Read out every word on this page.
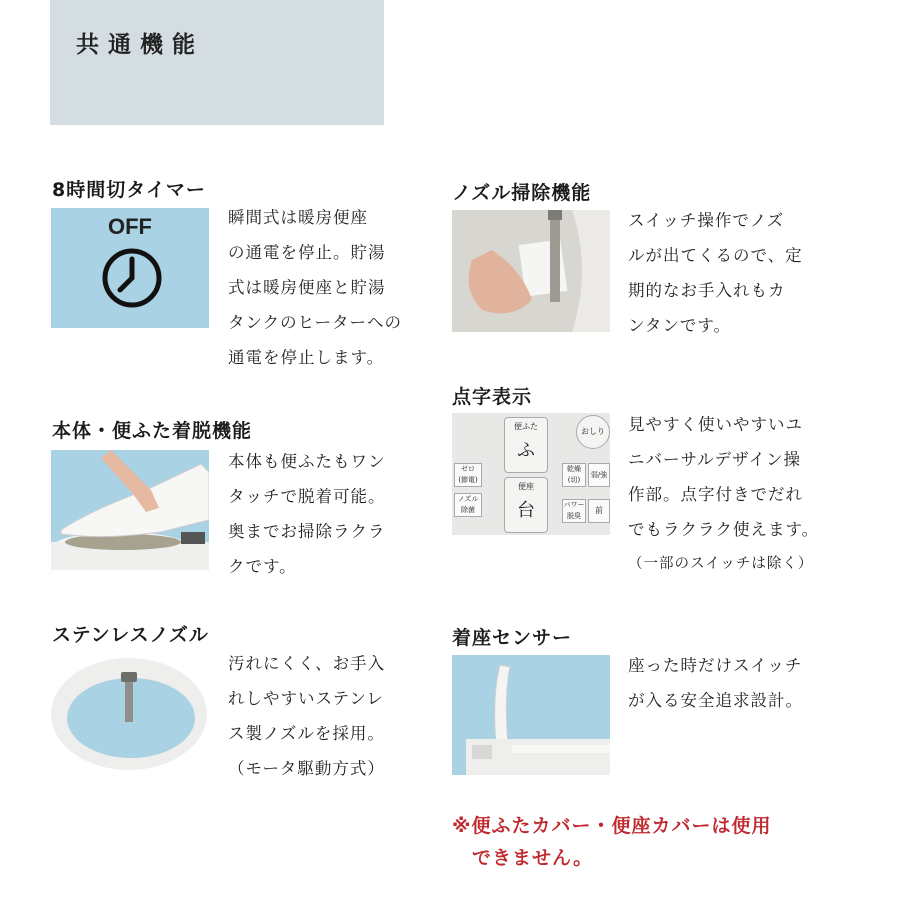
共通機能
8時間切タイマー
OFF	瞬間式は暖房便座
の通電を停止。貯湯
式は暖房便座と貯湯
タンクのヒーターへの
通電を停止します。
本体・便ふた着脱機能
本体も便ふたもワン
タッチで脱着可能。
奥までお掃除ラクラ
クです。
ステンレスノズル
汚れにくく、お手入
れしやすいステンレ
ス製ノズルを採用。
（モータ駆動方式）
ノズル掃除機能
スイッチ操作でノズ
ルが出てくるので、定
期的なお手入れもカ
ンタンです。
点字表示
便ふた
ふ
便座
台
おしり
ゼロ
(節電)
ノズル
除菌
乾燥
(切)
弱/強
パワー
脱臭
前
見やすく使いやすいユ
ニバーサルデザイン操
作部。点字付きでだれ
でもラクラク使えます。
（一部のスイッチは除く）
着座センサー
座った時だけスイッチ
が入る安全追求設計。
※便ふたカバー・便座カバーは使用
　できません。
